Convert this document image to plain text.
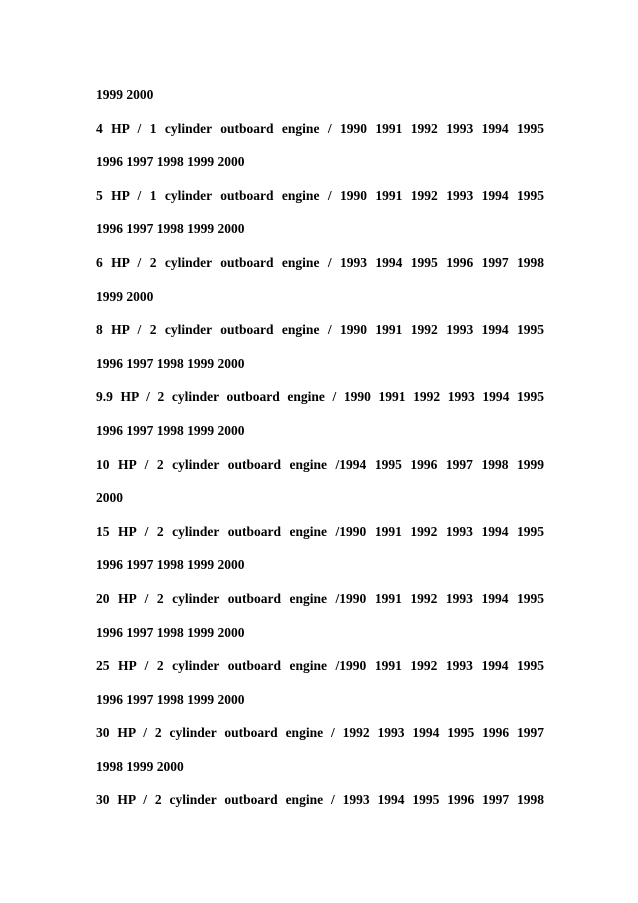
1999 2000
4 HP / 1 cylinder outboard engine / 1990 1991 1992 1993 1994 1995
1996 1997 1998 1999 2000
5 HP / 1 cylinder outboard engine / 1990 1991 1992 1993 1994 1995
1996 1997 1998 1999 2000
6 HP / 2 cylinder outboard engine / 1993 1994 1995 1996 1997 1998
1999 2000
8 HP / 2 cylinder outboard engine / 1990 1991 1992 1993 1994 1995
1996 1997 1998 1999 2000
9.9 HP / 2 cylinder outboard engine / 1990 1991 1992 1993 1994 1995
1996 1997 1998 1999 2000
10 HP / 2 cylinder outboard engine /1994 1995 1996 1997 1998 1999
2000
15 HP / 2 cylinder outboard engine /1990 1991 1992 1993 1994 1995
1996 1997 1998 1999 2000
20 HP / 2 cylinder outboard engine /1990 1991 1992 1993 1994 1995
1996 1997 1998 1999 2000
25 HP / 2 cylinder outboard engine /1990 1991 1992 1993 1994 1995
1996 1997 1998 1999 2000
30 HP / 2 cylinder outboard engine / 1992 1993 1994 1995 1996 1997
1998 1999 2000
30 HP / 2 cylinder outboard engine / 1993 1994 1995 1996 1997 1998
